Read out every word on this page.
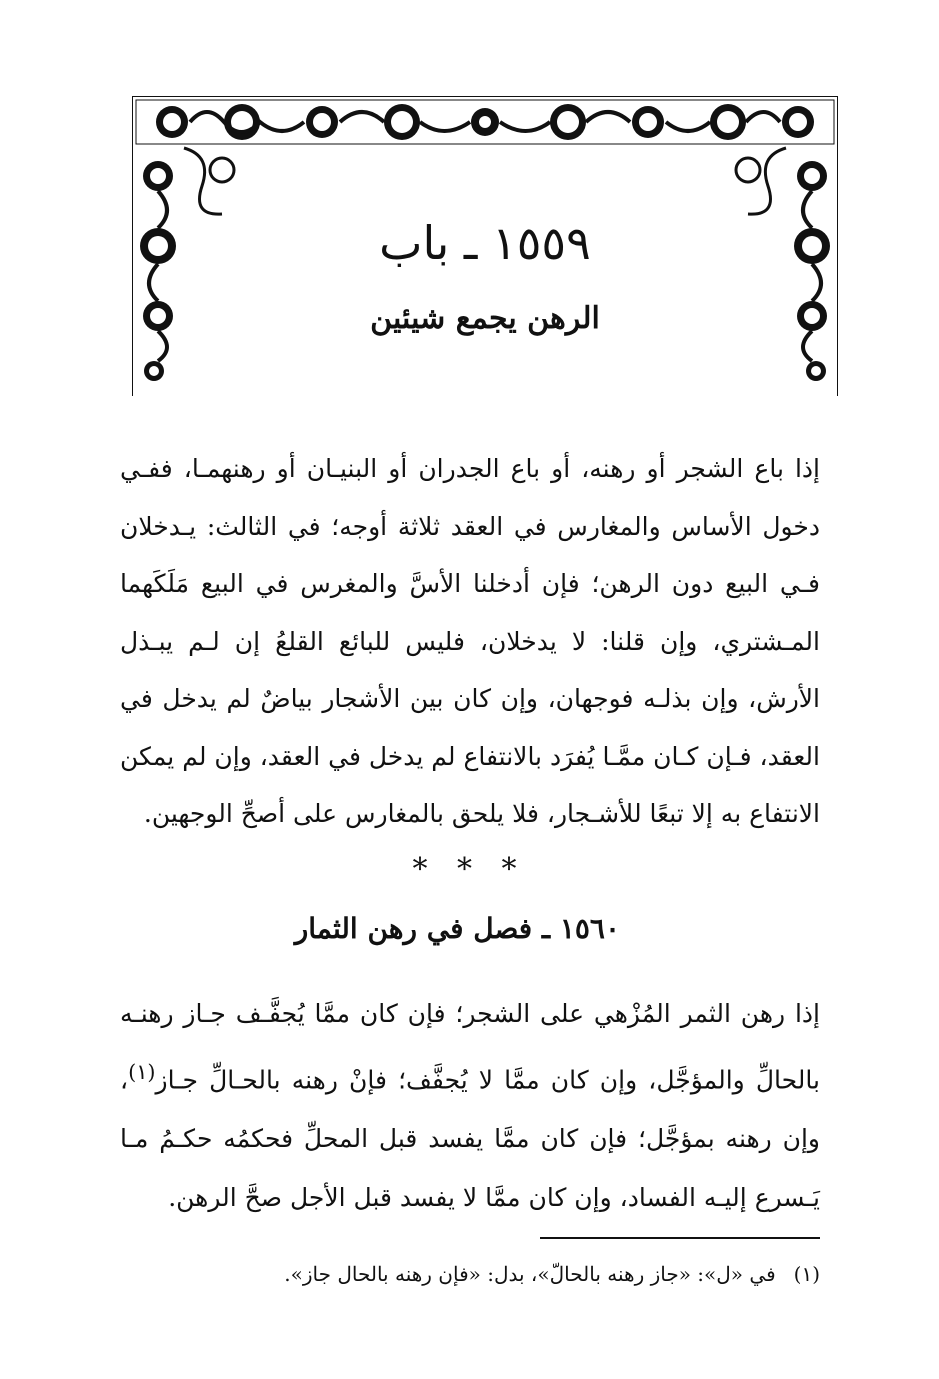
١٥٥٩ ـ باب
الرهن يجمع شيئين
إذا باع الشجر أو رهنه، أو باع الجدران أو البنيـان أو رهنهمـا، ففـي دخول الأساس والمغارس في العقد ثلاثة أوجه؛ في الثالث: يـدخلان فـي البيع دون الرهن؛ فإن أدخلنا الأسَّ والمغرس في البيع مَلَكَهما المـشتري، وإن قلنا: لا يدخلان، فليس للبائع القلعُ إن لـم يبـذل الأرش، وإن بذلـه فوجهان، وإن كان بين الأشجار بياضٌ لم يدخل في العقد، فـإن كـان ممَّـا يُفرَد بالانتفاع لم يدخل في العقد، وإن لم يمكن الانتفاع به إلا تبعًا للأشـجار، فلا يلحق بالمغارس على أصحِّ الوجهين.
* * *
١٥٦٠ ـ فصل في رهن الثمار
إذا رهن الثمر المُزْهي على الشجر؛ فإن كان ممَّا يُجفَّـف جـاز رهنـه بالحالِّ والمؤجَّل، وإن كان ممَّا لا يُجفَّف؛ فإنْ رهنه بالحـالِّ جـاز$^{(١)}$، وإن رهنه بمؤجَّل؛ فإن كان ممَّا يفسد قبل المحلِّ فحكمُه حكـمُ مـا يَـسرع إليـه الفساد، وإن كان ممَّا لا يفسد قبل الأجل صحَّ الرهن.
(١)في «ل»: «جاز رهنه بالحالّ»، بدل: «فإن رهنه بالحال جاز».
